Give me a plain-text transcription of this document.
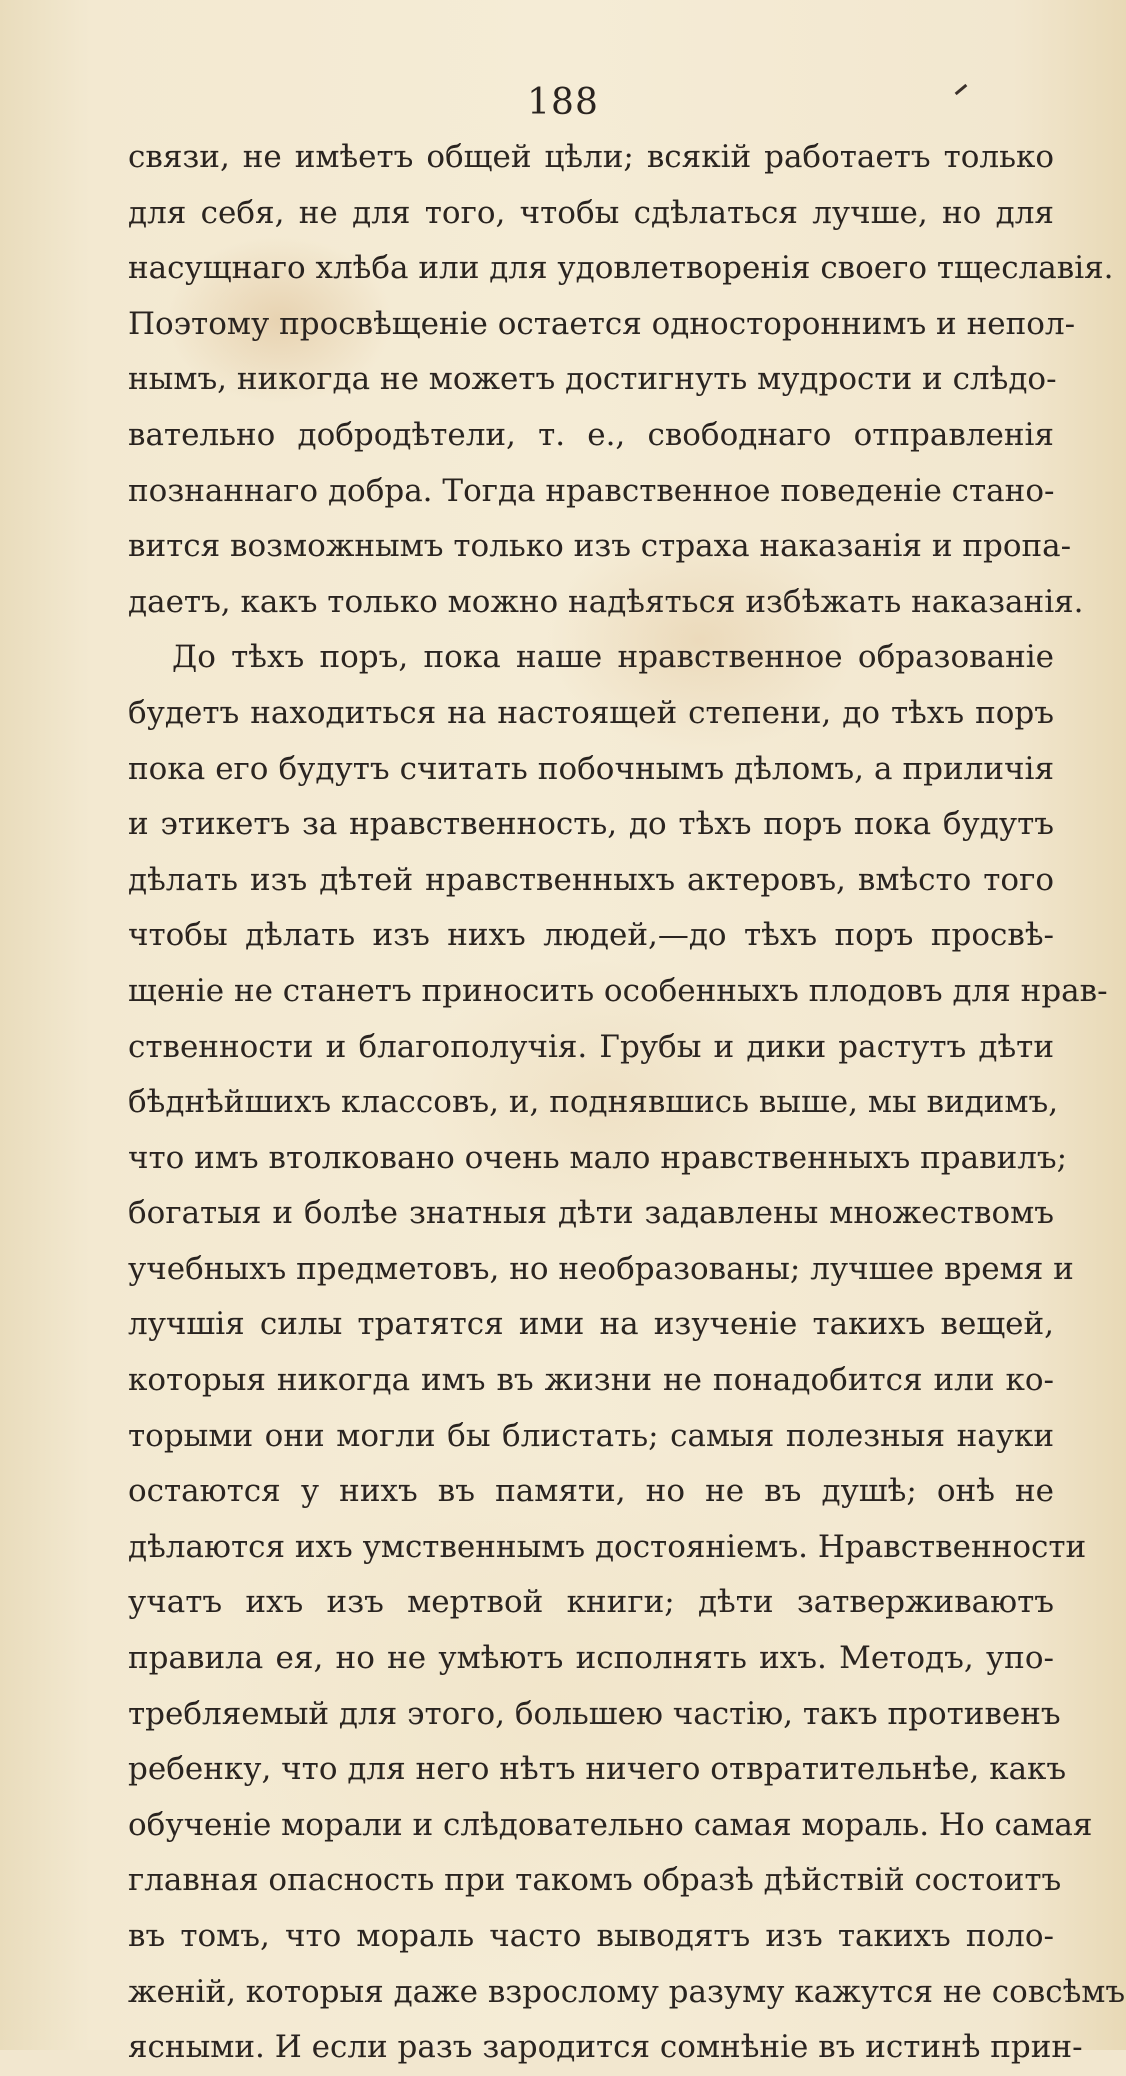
188
связи, не имѣетъ общей цѣли; всякій работаетъ только
для себя, не для того, чтобы сдѣлаться лучше, но для
насущнаго хлѣба или для удовлетворенія своего тщеславія.
Поэтому просвѣщеніе остается одностороннимъ и непол-
нымъ, никогда не можетъ достигнуть мудрости и слѣдо-
вательно добродѣтели, т. е., свободнаго отправленія
познаннаго добра. Тогда нравственное поведеніе стано-
вится возможнымъ только изъ страха наказанія и пропа-
даетъ, какъ только можно надѣяться избѣжать наказанія.
До тѣхъ поръ, пока наше нравственное образованіе
будетъ находиться на настоящей степени, до тѣхъ поръ
пока его будутъ считать побочнымъ дѣломъ, а приличія
и этикетъ за нравственность, до тѣхъ поръ пока будутъ
дѣлать изъ дѣтей нравственныхъ актеровъ, вмѣсто того
чтобы дѣлать изъ нихъ людей,—до тѣхъ поръ просвѣ-
щеніе не станетъ приносить особенныхъ плодовъ для нрав-
ственности и благополучія. Грубы и дики растутъ дѣти
бѣднѣйшихъ классовъ, и, поднявшись выше, мы видимъ,
что имъ втолковано очень мало нравственныхъ правилъ;
богатыя и болѣе знатныя дѣти задавлены множествомъ
учебныхъ предметовъ, но необразованы; лучшее время и
лучшія силы тратятся ими на изученіе такихъ вещей,
которыя никогда имъ въ жизни не понадобится или ко-
торыми они могли бы блистать; самыя полезныя науки
остаются у нихъ въ памяти, но не въ душѣ; онѣ не
дѣлаются ихъ умственнымъ достояніемъ. Нравственности
учатъ ихъ изъ мертвой книги; дѣти затверживаютъ
правила ея, но не умѣютъ исполнять ихъ. Методъ, упо-
требляемый для этого, большею частію, такъ противенъ
ребенку, что для него нѣтъ ничего отвратительнѣе, какъ
обученіе морали и слѣдовательно самая мораль. Но самая
главная опасность при такомъ образѣ дѣйствій состоитъ
въ томъ, что мораль часто выводятъ изъ такихъ поло-
женій, которыя даже взрослому разуму кажутся не совсѣмъ
ясными. И если разъ зародится сомнѣніе въ истинѣ прин-
